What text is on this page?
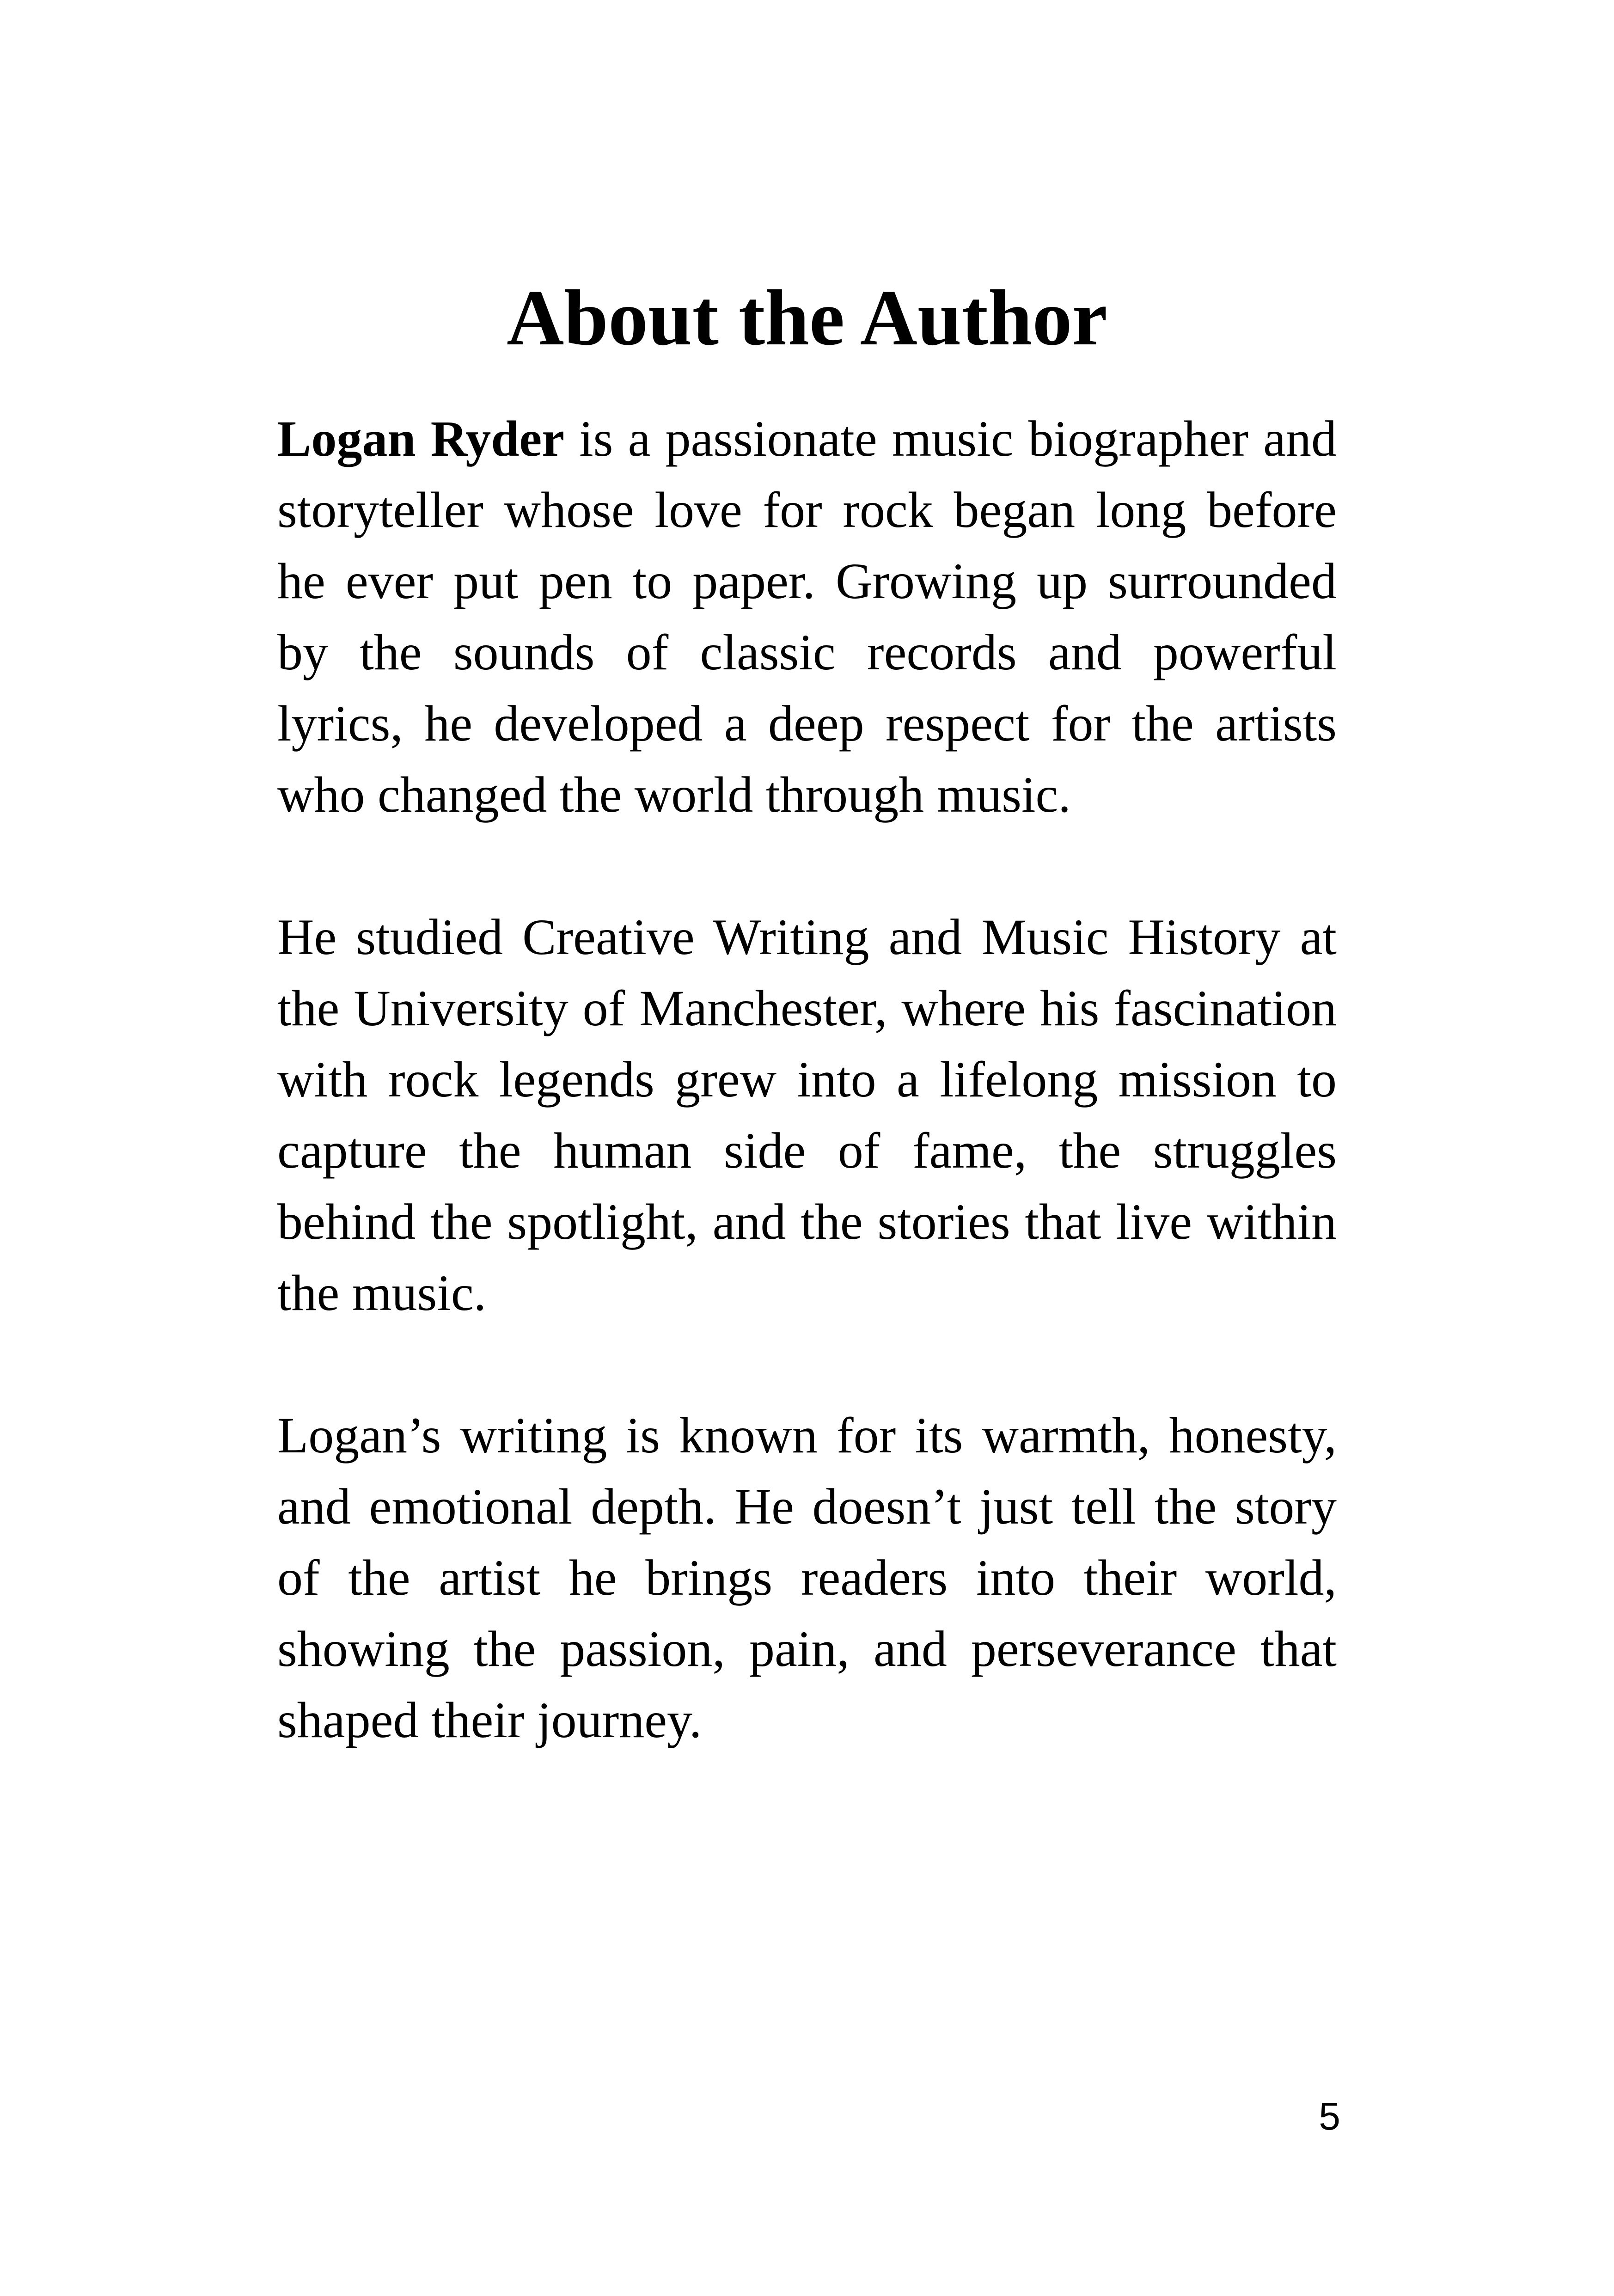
About the Author

Logan Ryder is a passionate music biographer and storyteller whose love for rock began long before he ever put pen to paper. Growing up surrounded by the sounds of classic records and powerful lyrics, he developed a deep respect for the artists who changed the world through music.

He studied Creative Writing and Music History at the University of Manchester, where his fascination with rock legends grew into a lifelong mission to capture the human side of fame, the struggles behind the spotlight, and the stories that live within the music.

Logan’s writing is known for its warmth, honesty, and emotional depth. He doesn’t just tell the story of the artist he brings readers into their world, showing the passion, pain, and perseverance that shaped their journey.

5
